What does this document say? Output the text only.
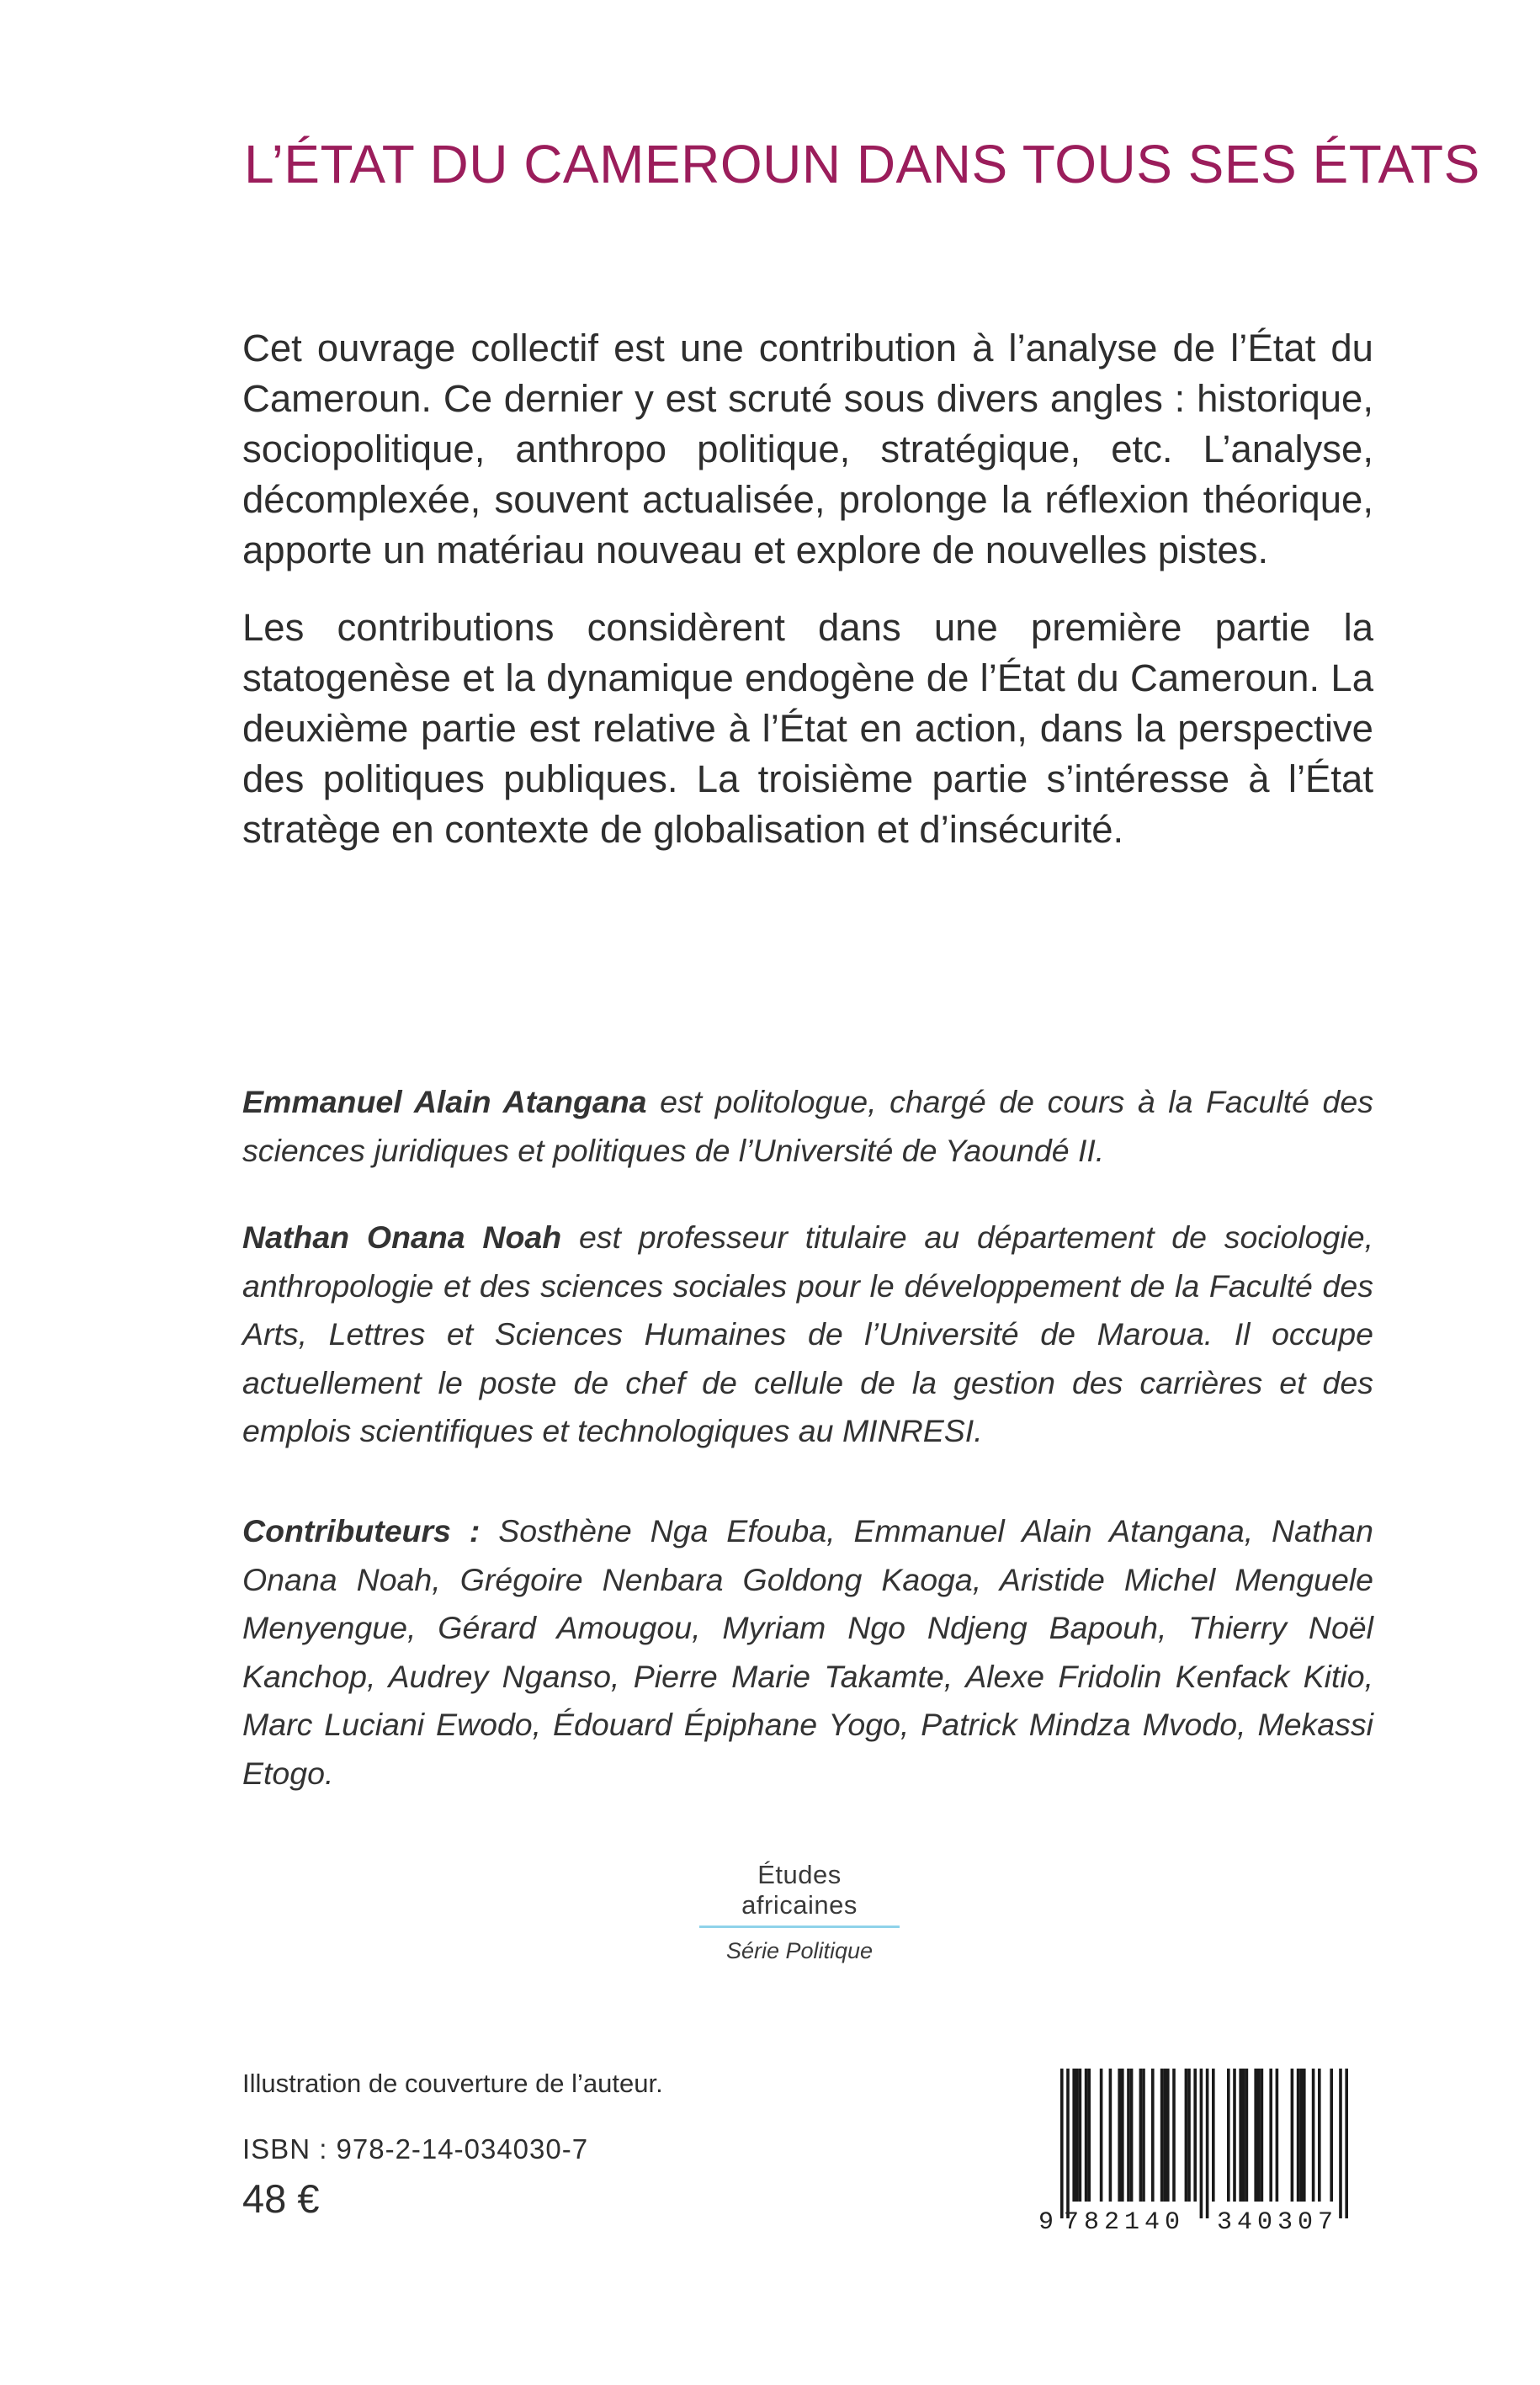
L’ÉTAT DU CAMEROUN DANS TOUS SES ÉTATS

Cet ouvrage collectif est une contribution à l’analyse de l’État du Cameroun. Ce dernier y est scruté sous divers angles : historique, sociopolitique, anthropo politique, stratégique, etc. L’analyse, décomplexée, souvent actualisée, prolonge la réflexion théorique, apporte un matériau nouveau et explore de nouvelles pistes.

Les contributions considèrent dans une première partie la statogenèse et la dynamique endogène de l’État du Cameroun. La deuxième partie est relative à l’État en action, dans la perspective des politiques publiques. La troisième partie s’intéresse à l’État stratège en contexte de globalisation et d’insécurité.

Emmanuel Alain Atangana est politologue, chargé de cours à la Faculté des sciences juridiques et politiques de l’Université de Yaoundé II.

Nathan Onana Noah est professeur titulaire au département de sociologie, anthropologie et des sciences sociales pour le développement de la Faculté des Arts, Lettres et Sciences Humaines de l’Université de Maroua. Il occupe actuellement le poste de chef de cellule de la gestion des carrières et des emplois scientifiques et technologiques au MINRESI.

Contributeurs : Sosthène Nga Efouba, Emmanuel Alain Atangana, Nathan Onana Noah, Grégoire Nenbara Goldong Kaoga, Aristide Michel Menguele Menyengue, Gérard Amougou, Myriam Ngo Ndjeng Bapouh, Thierry Noël Kanchop, Audrey Nganso, Pierre Marie Takamte, Alexe Fridolin Kenfack Kitio, Marc Luciani Ewodo, Édouard Épiphane Yogo, Patrick Mindza Mvodo, Mekassi Etogo.
Études africaines
Série Politique
Illustration de couverture de l’auteur.
ISBN : 978-2-14-034030-7
48 €
9 782140 340307
